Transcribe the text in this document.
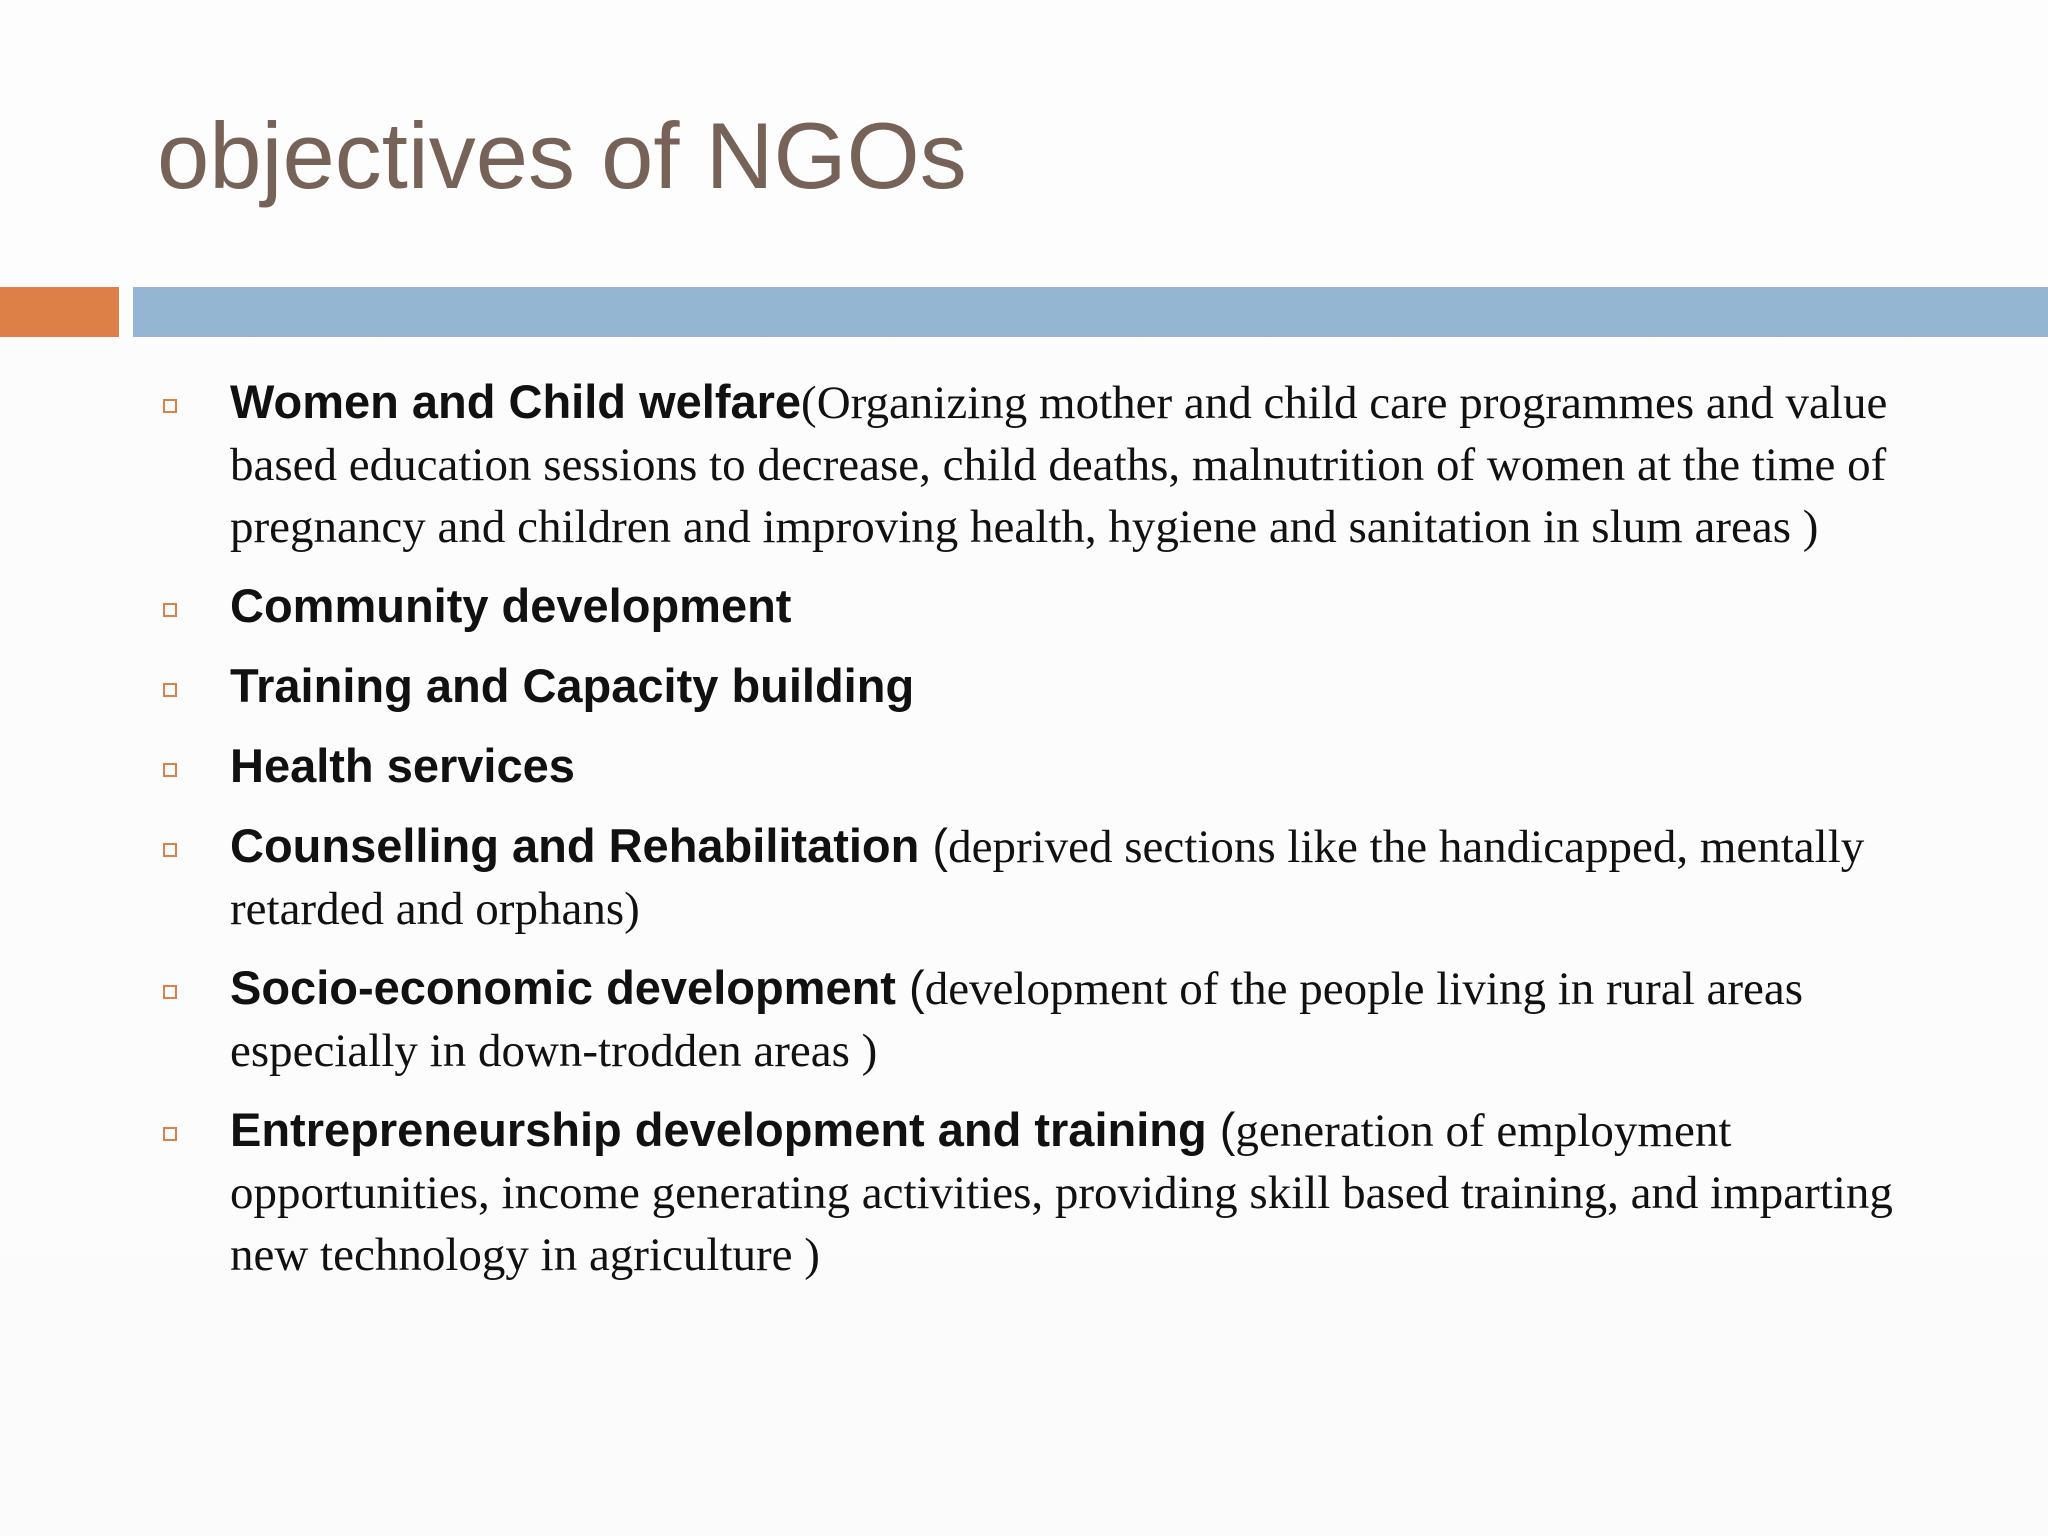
objectives of NGOs
Women and Child welfare(Organizing mother and child care programmes and value based education sessions to decrease, child deaths, malnutrition of women at the time of pregnancy and children and improving health, hygiene and sanitation in slum areas )
Community development
Training and Capacity building
Health services
Counselling and Rehabilitation (deprived sections like the handicapped, mentally retarded and orphans)
Socio-economic development (development of the people living in rural areas especially in down-trodden areas )
Entrepreneurship development and training (generation of employment opportunities, income generating activities, providing skill based training, and imparting new technology in agriculture )
